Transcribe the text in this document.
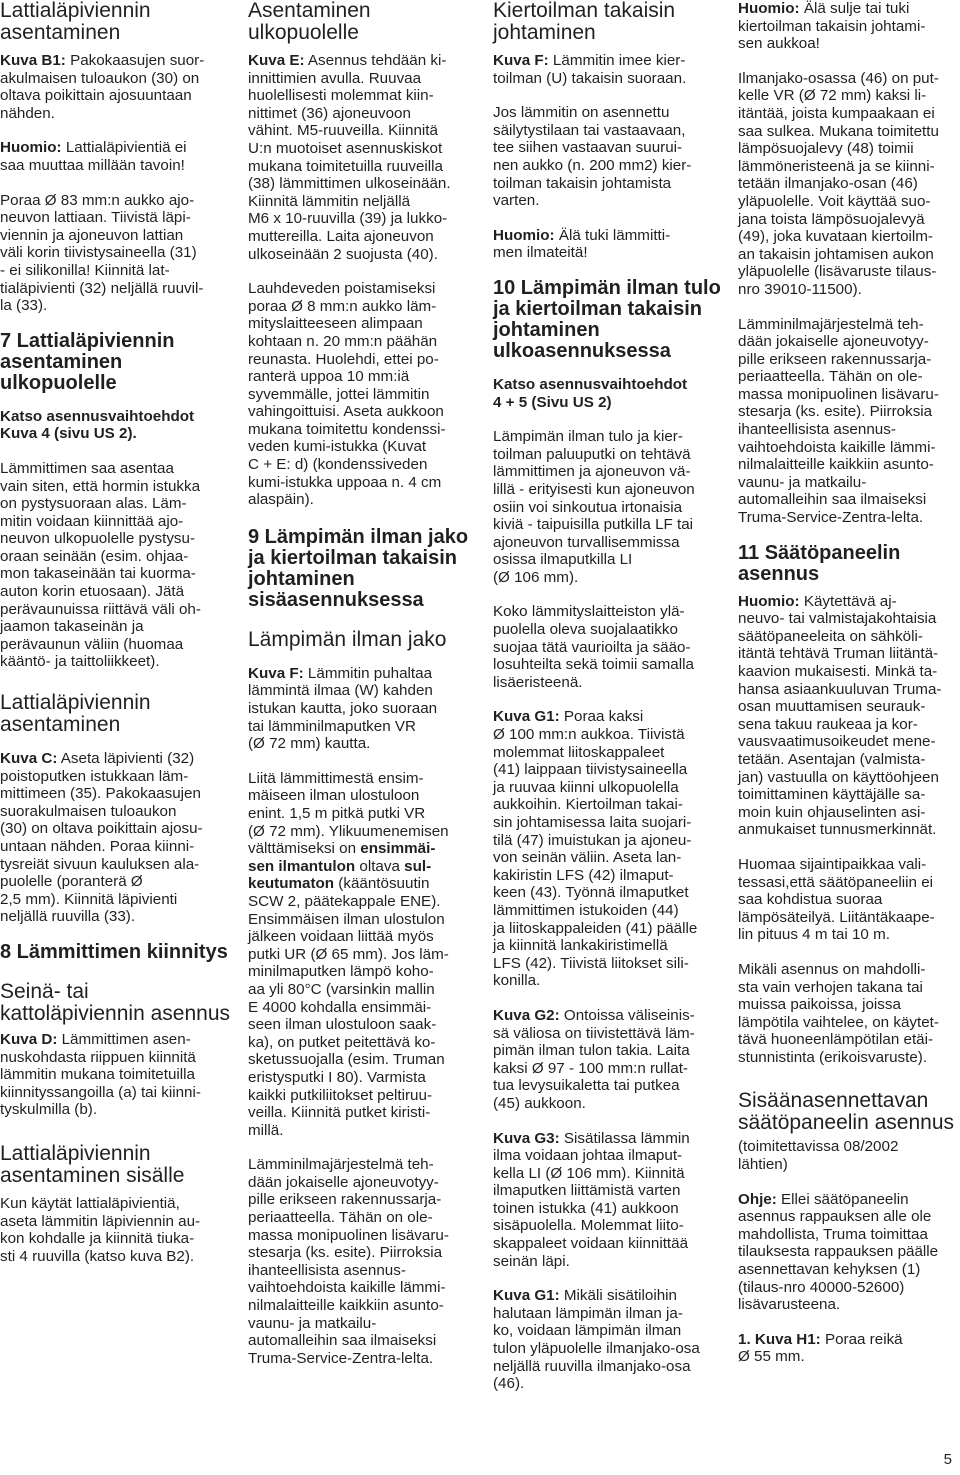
Lattialäpiviennin asentaminen

Kuva B1: Pakokaasujen suor-
akulmaisen tuloaukon (30) on
oltava poikittain ajosuuntaan
nähden.

Huomio: Lattialäpivientiä ei
saa muuttaa millään tavoin!

Poraa Ø 83 mm:n aukko ajo-
neuvon lattiaan. Tiivistä läpi-
viennin ja ajoneuvon lattian
väli korin tiivistysaineella (31)
- ei silikonilla! Kiinnitä lat-
tialäpivienti (32) neljällä ruuvil-
la (33).

7 Lattialäpiviennin asentaminen ulkopuolelle

Katso asennusvaihtoehdot
Kuva 4 (sivu US 2).

Lämmittimen saa asentaa
vain siten, että hormin istukka
on pystysuoraan alas. Läm-
mitin voidaan kiinnittää ajo-
neuvon ulkopuolelle pystysu-
oraan seinään (esim. ohjaa-
mon takaseinään tai kuorma-
auton korin etuosaan). Jätä
perävaunuissa riittävä väli oh-
jaamon takaseinän ja
perävaunun väliin (huomaa
kääntö- ja taittoliikkeet).

Lattialäpiviennin asentaminen

Kuva C: Aseta läpivienti (32)
poistoputken istukkaan läm-
mittimeen (35). Pakokaasujen
suorakulmaisen tuloaukon
(30) on oltava poikittain ajosu-
untaan nähden. Poraa kiinni-
tysreiät sivuun kauluksen ala-
puolelle (poranterä Ø
2,5 mm). Kiinnitä läpivienti
neljällä ruuvilla (33).

8 Lämmittimen kiinnitys
Seinä- tai kattoläpiviennin asennus

Kuva D: Lämmittimen asen-
nuskohdasta riippuen kiinnitä
lämmitin mukana toimitetuilla
kiinnityssangoilla (a) tai kiinni-
tyskulmilla (b).

Lattialäpiviennin asentaminen sisälle

Kun käytät lattialäpivientiä,
aseta lämmitin läpiviennin au-
kon kohdalle ja kiinnitä tiuka-
sti 4 ruuvilla (katso kuva B2).

Asentaminen ulkopuolelle

Kuva E: Asennus tehdään ki-
innittimien avulla. Ruuvaa
huolellisesti molemmat kiin-
nittimet (36) ajoneuvoon
vähint. M5-ruuveilla. Kiinnitä
U:n muotoiset asennuskiskot
mukana toimitetuilla ruuveilla
(38) lämmittimen ulkoseinään.
Kiinnitä lämmitin neljällä
M6 x 10-ruuvilla (39) ja lukko-
muttereilla. Laita ajoneuvon
ulkoseinään 2 suojusta (40).

Lauhdeveden poistamiseksi
poraa Ø 8 mm:n aukko läm-
mityslaitteeseen alimpaan
kohtaan n. 20 mm:n päähän
reunasta. Huolehdi, ettei po-
ranterä uppoa 10 mm:iä
syvemmälle, jottei lämmitin
vahingoittuisi. Aseta aukkoon
mukana toimitettu kondenssi-
veden kumi-istukka (Kuvat
C + E: d) (kondenssiveden
kumi-istukka uppoaa n. 4 cm
alaspäin).

9 Lämpimän ilman jako ja kiertoilman takaisin johtaminen sisäasennuksessa
Lämpimän ilman jako

Kuva F: Lämmitin puhaltaa
lämmintä ilmaa (W) kahden
istukan kautta, joko suoraan
tai lämminilmaputken VR
(Ø 72 mm) kautta.

Liitä lämmittimestä ensim-
mäiseen ilman ulostuloon
enint. 1,5 m pitkä putki VR
(Ø 72 mm). Ylikuumenemisen
välttämiseksi on ensimmäi-
sen ilmantulon oltava sul-
keutumaton (kääntösuutin
SCW 2, päätekappale ENE).
Ensimmäisen ilman ulostulon
jälkeen voidaan liittää myös
putki UR (Ø 65 mm). Jos läm-
minilmaputken lämpö koho-
aa yli 80°C (varsinkin mallin
E 4000 kohdalla ensimmäi-
seen ilman ulostuloon saak-
ka), on putket peitettävä ko-
sketussuojalla (esim. Truman
eristysputki I 80). Varmista
kaikki putkiliitokset peltiruu-
veilla. Kiinnitä putket kiristi-
millä.

Lämminilmajärjestelmä teh-
dään jokaiselle ajoneuvotyy-
pille erikseen rakennussarja-
periaatteella. Tähän on ole-
massa monipuolinen lisävaru-
stesarja (ks. esite). Piirroksia
ihanteellisista asennus-
vaihtoehdoista kaikille lämmi-
nilmalaitteille kaikkiin asunto-
vaunu- ja matkailu-
automalleihin saa ilmaiseksi
Truma-Service-Zentra-lelta.

Kiertoilman takaisin johtaminen

Kuva F: Lämmitin imee kier-
toilman (U) takaisin suoraan.

Jos lämmitin on asennettu
säilytystilaan tai vastaavaan,
tee siihen vastaavan suurui-
nen aukko (n. 200 mm2) kier-
toilman takaisin johtamista
varten.

Huomio: Älä tuki lämmitti-
men ilmateitä!

10 Lämpimän ilman tulo ja kiertoilman takaisin johtaminen ulkoasennuksessa

Katso asennusvaihtoehdot
4 + 5 (Sivu US 2)

Lämpimän ilman tulo ja kier-
toilman paluuputki on tehtävä
lämmittimen ja ajoneuvon vä-
lillä - erityisesti kun ajoneuvon
osiin voi sinkoutua irtonaisia
kiviä - taipuisilla putkilla LF tai
ajoneuvon turvallisemmissa
osissa ilmaputkilla LI
(Ø 106 mm).

Koko lämmityslaitteiston ylä-
puolella oleva suojalaatikko
suojaa tätä vaurioilta ja sääo-
losuhteilta sekä toimii samalla
lisäeristeenä.

Kuva G1: Poraa kaksi
Ø 100 mm:n aukkoa. Tiivistä
molemmat liitoskappaleet
(41) laippaan tiivistysaineella
ja ruuvaa kiinni ulkopuolella
aukkoihin. Kiertoilman takai-
sin johtamisessa laita suojari-
tilä (47) imuistukan ja ajoneu-
von seinän väliin. Aseta lan-
kakiristin LFS (42) ilmaput-
keen (43). Työnnä ilmaputket
lämmittimen istukoiden (44)
ja liitoskappaleiden (41) päälle
ja kiinnitä lankakiristimellä
LFS (42). Tiivistä liitokset sili-
konilla.

Kuva G2: Ontoissa väliseinis-
sä väliosa on tiivistettävä läm-
pimän ilman tulon takia. Laita
kaksi Ø 97 - 100 mm:n rullat-
tua levysuikaletta tai putkea
(45) aukkoon.

Kuva G3: Sisätilassa lämmin
ilma voidaan johtaa ilmaput-
kella LI (Ø 106 mm). Kiinnitä
ilmaputken liittämistä varten
toinen istukka (41) aukkoon
sisäpuolella. Molemmat liito-
skappaleet voidaan kiinnittää
seinän läpi.

Kuva G1: Mikäli sisätiloihin
halutaan lämpimän ilman ja-
ko, voidaan lämpimän ilman
tulon yläpuolelle ilmanjako-osa
neljällä ruuvilla ilmanjako-osa
(46).

Huomio: Älä sulje tai tuki
kiertoilman takaisin johtami-
sen aukkoa!

Ilmanjako-osassa (46) on put-
kelle VR (Ø 72 mm) kaksi li-
itäntää, joista kumpaakaan ei
saa sulkea. Mukana toimitettu
lämpösuojalevy (48) toimii
lämmöneristeenä ja se kiinni-
tetään ilmanjako-osan (46)
yläpuolelle. Voit käyttää suo-
jana toista lämpösuojalevyä
(49), joka kuvataan kiertoilm-
an takaisin johtamisen aukon
yläpuolelle (lisävaruste tilaus-
nro 39010-11500).

Lämminilmajärjestelmä teh-
dään jokaiselle ajoneuvotyy-
pille erikseen rakennussarja-
periaatteella. Tähän on ole-
massa monipuolinen lisävaru-
stesarja (ks. esite). Piirroksia
ihanteellisista asennus-
vaihtoehdoista kaikille lämmi-
nilmalaitteille kaikkiin asunto-
vaunu- ja matkailu-
automalleihin saa ilmaiseksi
Truma-Service-Zentra-lelta.

11 Säätöpaneelin asennus

Huomio: Käytettävä aj-
neuvo- tai valmistajakohtaisia
säätöpaneeleita on sähköli-
itäntä tehtävä Truman liitäntä-
kaavion mukaisesti. Minkä ta-
hansa asiaankuuluvan Truma-
osan muuttamisen seurauk-
sena takuu raukeaa ja kor-
vausvaatimusoikeudet mene-
tetään. Asentajan (valmista-
jan) vastuulla on käyttöohjeen
toimittaminen käyttäjälle sa-
moin kuin ohjauselinten asi-
anmukaiset tunnusmerkinnät.

Huomaa sijaintipaikkaa vali-
tessasi,että säätöpaneeliin ei
saa kohdistua suoraa
lämpösäteilyä. Liitäntäkaape-
lin pituus 4 m tai 10 m.

Mikäli asennus on mahdolli-
sta vain verhojen takana tai
muissa paikoissa, joissa
lämpötila vaihtelee, on käytet-
tävä huoneenlämpötilan etäi-
stunnistinta (erikoisvaruste).

Sisäänasennettavan säätöpaneelin asennus

(toimitettavissa 08/2002
lähtien)

Ohje: Ellei säätöpaneelin
asennus rappauksen alle ole
mahdollista, Truma toimittaa
tilauksesta rappauksen päälle
asennettavan kehyksen (1)
(tilaus-nro 40000-52600)
lisävarusteena.

1. Kuva H1: Poraa reikä
Ø 55 mm.

5
